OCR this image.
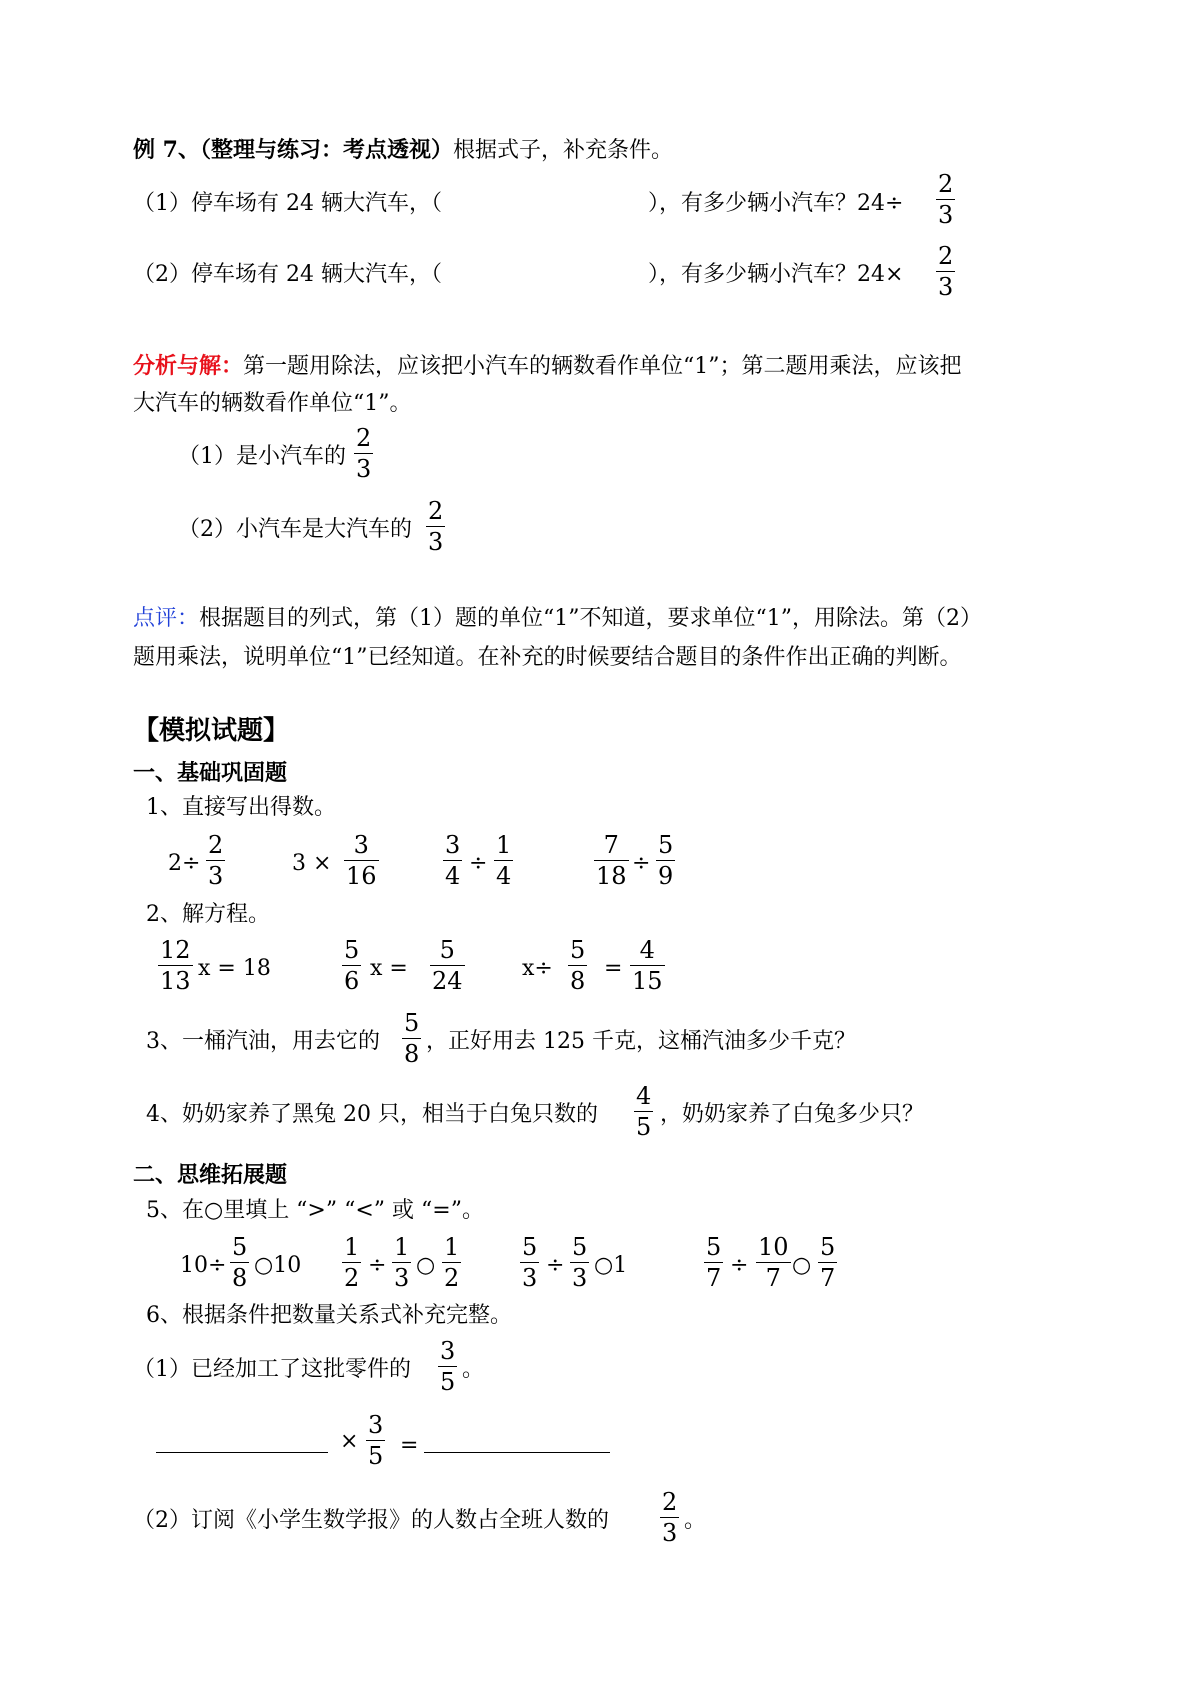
例 7、（整理与练习：考点透视）根据式子，补充条件。
（1）停车场有 24 辆大汽车，（	），有多少辆小汽车？24÷
2
3
（2）停车场有 24 辆大汽车，（	），有多少辆小汽车？24×
2
3
分析与解：第一题用除法，应该把小汽车的辆数看作单位“1”；第二题用乘法，应该把
大汽车的辆数看作单位“1”。
（1）是小汽车的
2
3
（2）小汽车是大汽车的
2
3
点评：根据题目的列式，第（1）题的单位“1”不知道，要求单位“1”，用除法。第（2）
题用乘法，说明单位“1”已经知道。在补充的时候要结合题目的条件作出正确的判断。
【模拟试题】
一、基础巩固题
1、直接写出得数。
2÷
2
3	3 ×
3
16
3
4 ÷
1
4
7
18 ÷
5
9
2、解方程。
12
13 x = 18
5
6 x =
5
24	x÷
5
8 =
4
15
3、一桶汽油，用去它的
5
8 ，正好用去 125 千克，这桶汽油多少千克？
4、奶奶家养了黑兔 20 只，相当于白兔只数的
4
5 ，奶奶家养了白兔多少只？
二、思维拓展题
5、在○里填上 “>” “<” 或 “=”。
10÷
5
8 ○10
1
2 ÷
1
3 ○
1
2
5
3 ÷
5
3 ○1
5
7 ÷
10
7 ○
5
7
6、根据条件把数量关系式补充完整。
（1）已经加工了这批零件的
3
5 。
×
3
5 =
（2）订阅《小学生数学报》的人数占全班人数的
2
3 。
